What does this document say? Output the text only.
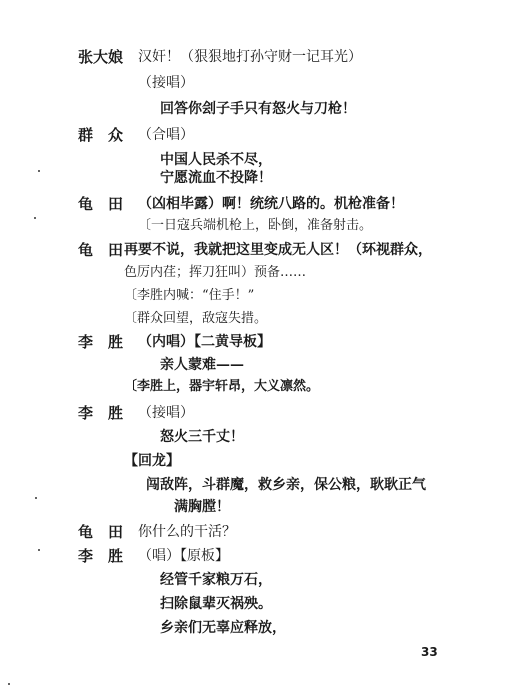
张大娘 汉奸！（狠狠地打孙守财一记耳光）
（接唱）
回答你刽子手只有怒火与刀枪！
群　众 （合唱）
中国人民杀不尽，
宁愿流血不投降！
龟　田 （凶相毕露）啊！统统八路的。机枪准备！
〔一日寇兵端机枪上，卧倒，准备射击。
龟　田 再要不说，我就把这里变成无人区！（环视群众，
色厉内荏；挥刀狂叫）预备……
〔李胜内喊：“住手！”
〔群众回望，敌寇失措。
李　胜 （内唱）【二黄导板】
亲人蒙难——
〔李胜上，器宇轩昂，大义凛然。
李　胜 （接唱）
怒火三千丈！
【回龙】
闯敌阵，斗群魔，救乡亲，保公粮，耿耿正气
满胸膛！
龟　田 你什么的干活？
李　胜 （唱）【原板】
经管千家粮万石，
扫除鼠辈灭祸殃。
乡亲们无辜应释放，
33
